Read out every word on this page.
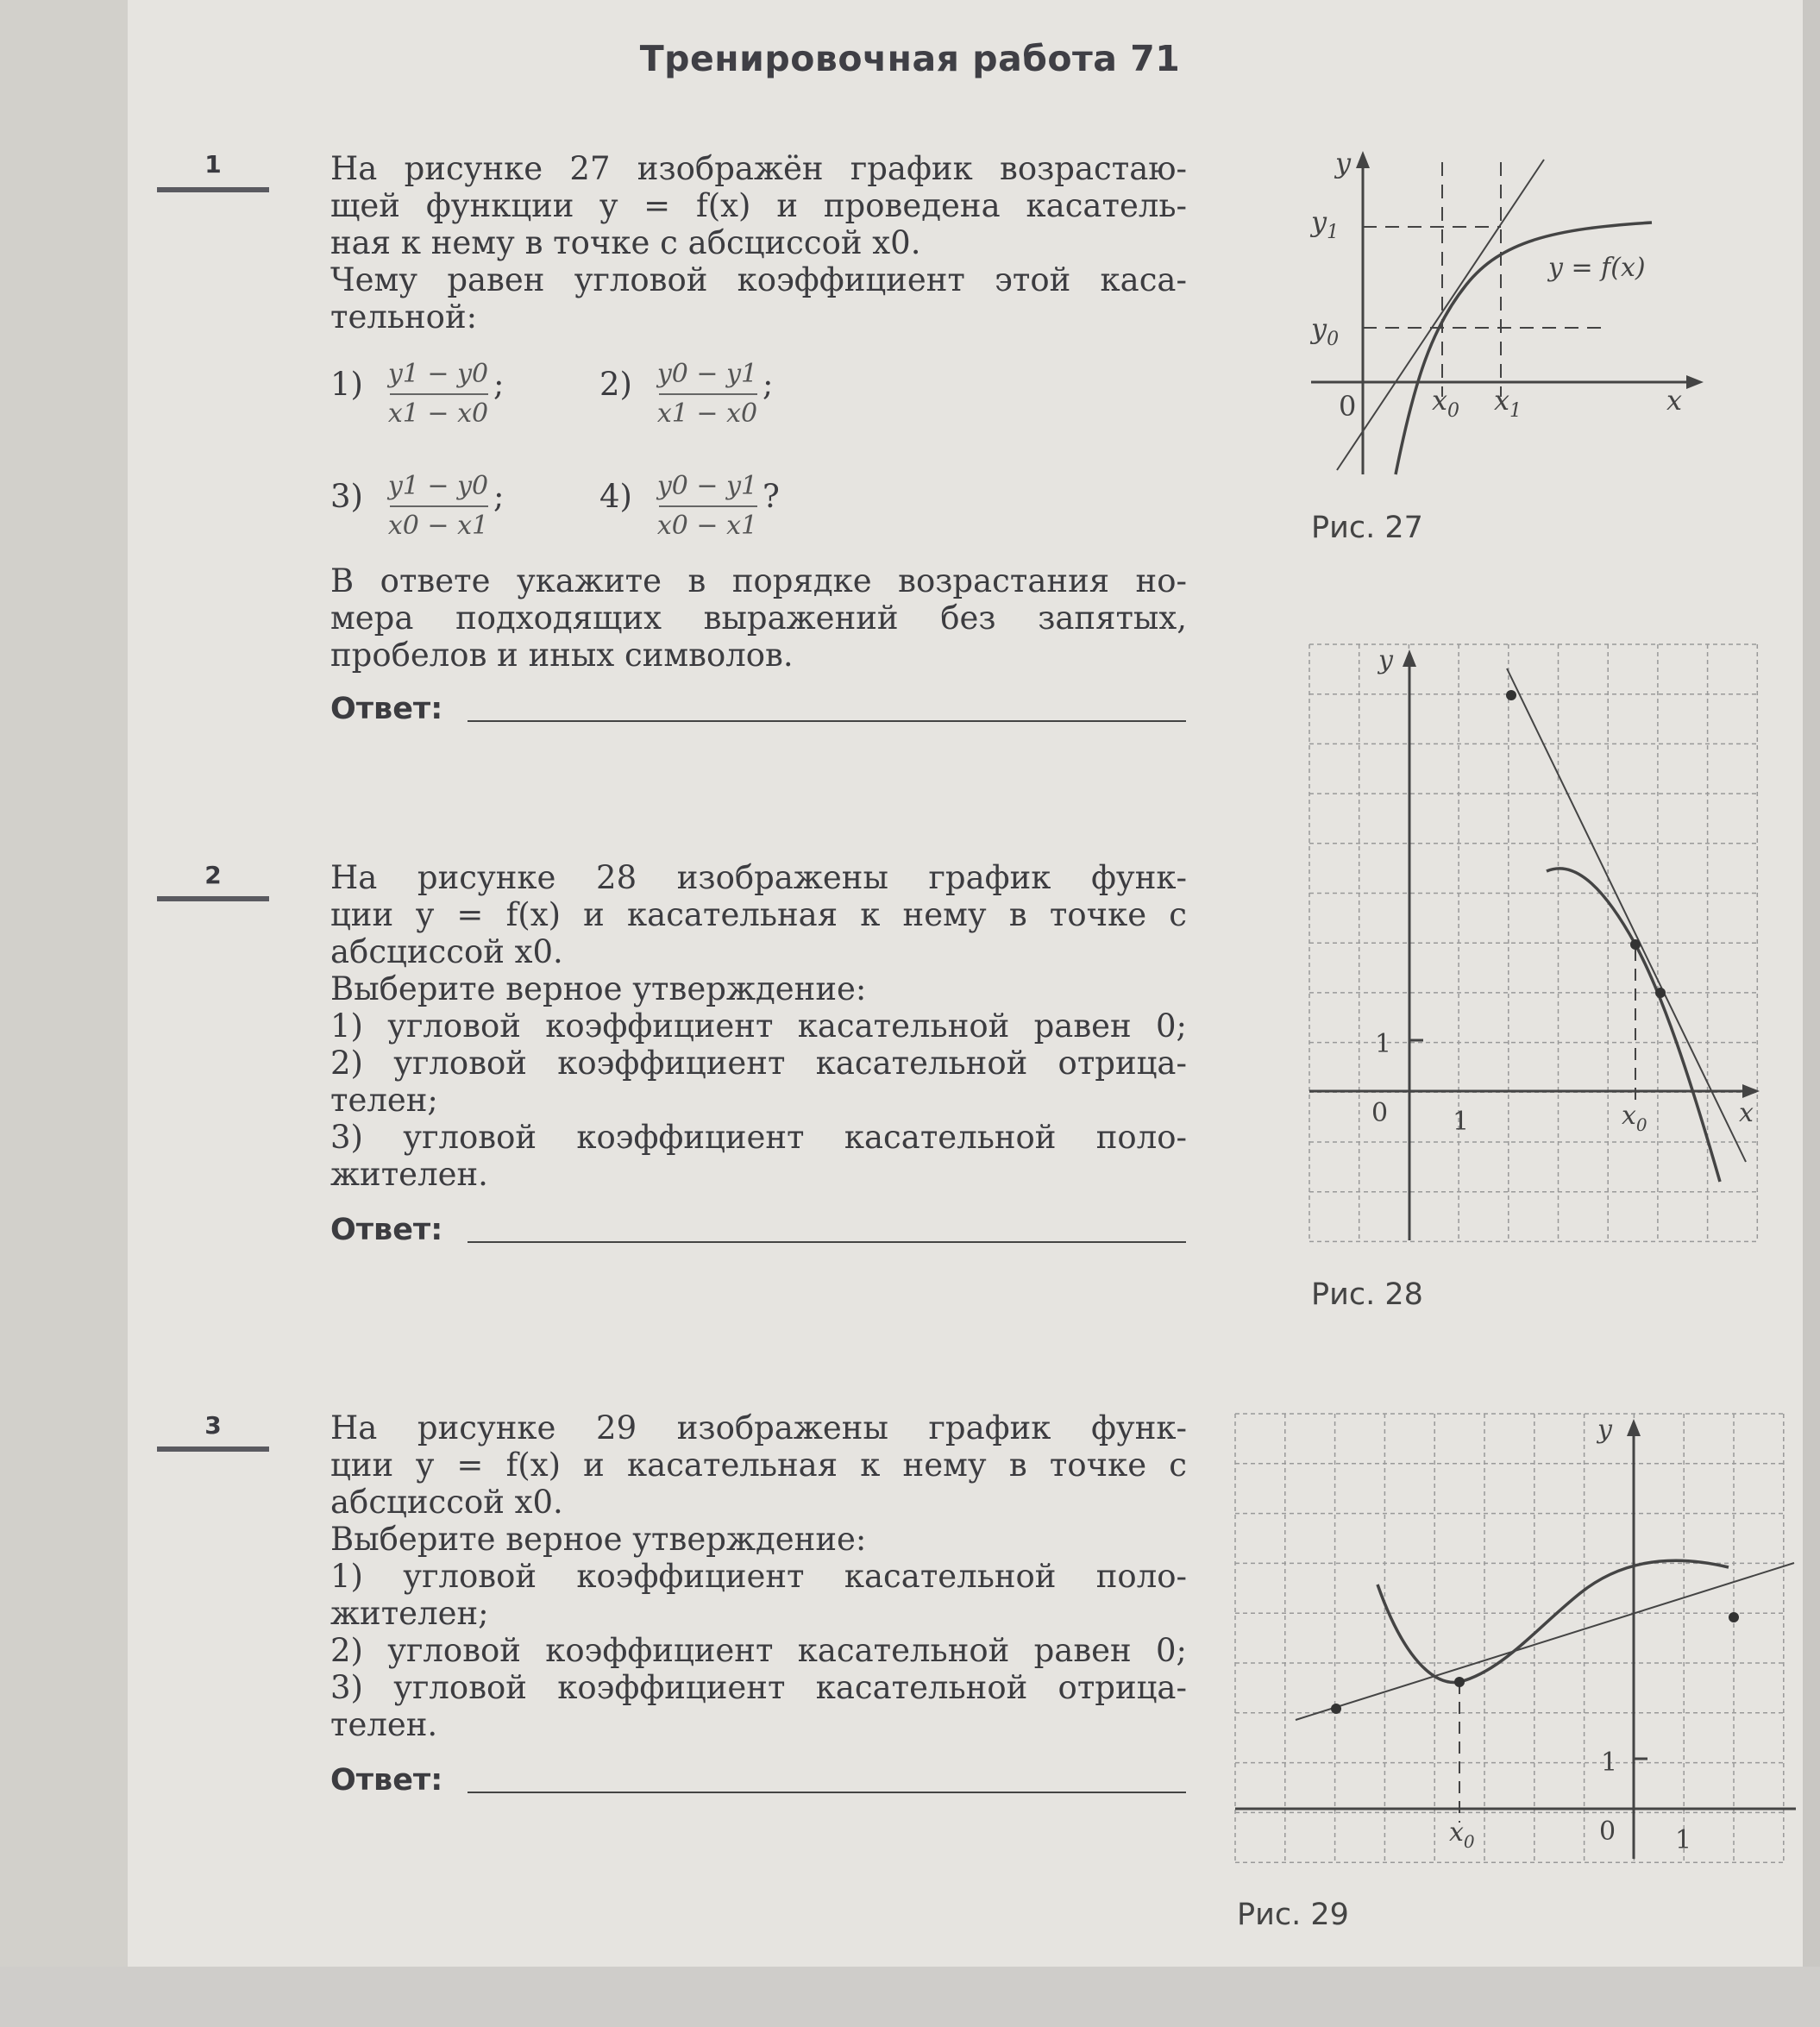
Тренировочная работа 71
1	На рисунке 27 изображён график возрастаю-
щей функции y = f(x) и проведена касатель-
ная к нему в точке с абсциссой x0.
Чему равен угловой коэффициент этой каса-
тельной:
1) y1 − y0
x1 − x0
;	2) y0 − y1
x1 − x0
;
3) y1 − y0
x0 − x1
;	4) y0 − y1
x0 − x1
?
В ответе укажите в порядке возрастания но-
мера подходящих выражений без запятых,
пробелов и иных символов.
Ответ:
2	На рисунке 28 изображены график функ-
ции y = f(x) и касательная к нему в точке с
абсциссой x0.
Выберите верное утверждение:
1) угловой коэффициент касательной равен 0;
2) угловой коэффициент касательной отрица-
телен;
3) угловой коэффициент касательной поло-
жителен.
Ответ:
3	На рисунке 29 изображены график функ-
ции y = f(x) и касательная к нему в точке с
абсциссой x0.
Выберите верное утверждение:
1) угловой коэффициент касательной поло-
жителен;
2) угловой коэффициент касательной равен 0;
3) угловой коэффициент касательной отрица-
телен.
Ответ:
y
x
0
$y_1$
$y_0$
$x_0$ $x_1$
y = f(x)
Рис. 27
y
x
0
1
1	$x_0$
Рис. 28
y
1
0 1
$x_0$
Рис. 29
